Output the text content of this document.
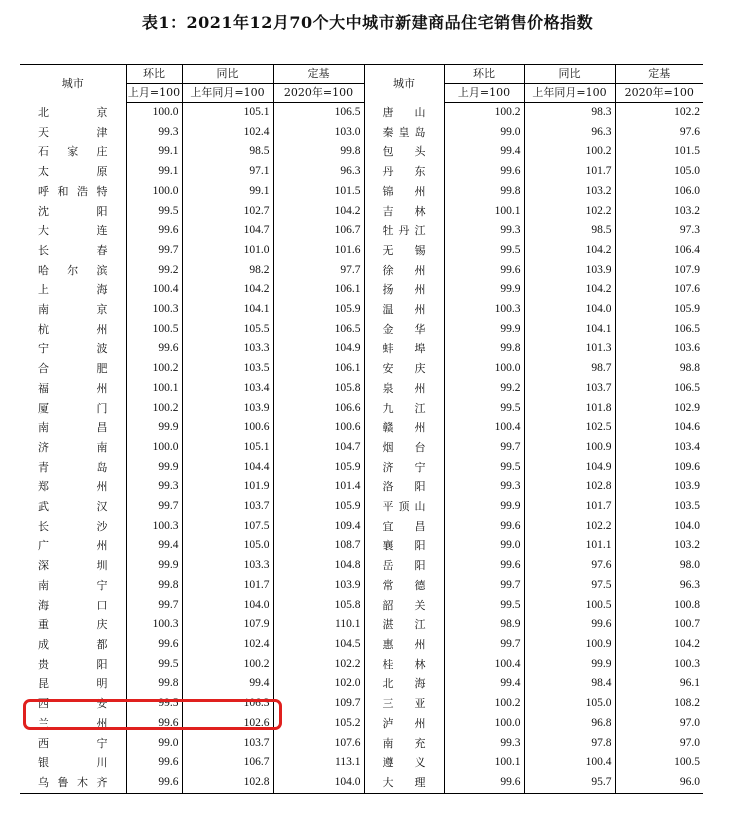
表1：2021年12月70个大中城市新建商品住宅销售价格指数
城市	环比	同比	定基	城市	环比	同比	定基
	上月=100	上年同月=100	2020年=100		上月=100	上年同月=100	2020年=100
北京	100.0	105.1	106.5	唐山	100.2	98.3	102.2
天津	99.3	102.4	103.0	秦皇岛	99.0	96.3	97.6
石家庄	99.1	98.5	99.8	包头	99.4	100.2	101.5
太原	99.1	97.1	96.3	丹东	99.6	101.7	105.0
呼和浩特	100.0	99.1	101.5	锦州	99.8	103.2	106.0
沈阳	99.5	102.7	104.2	吉林	100.1	102.2	103.2
大连	99.6	104.7	106.7	牡丹江	99.3	98.5	97.3
长春	99.7	101.0	101.6	无锡	99.5	104.2	106.4
哈尔滨	99.2	98.2	97.7	徐州	99.6	103.9	107.9
上海	100.4	104.2	106.1	扬州	99.9	104.2	107.6
南京	100.3	104.1	105.9	温州	100.3	104.0	105.9
杭州	100.5	105.5	106.5	金华	99.9	104.1	106.5
宁波	99.6	103.3	104.9	蚌埠	99.8	101.3	103.6
合肥	100.2	103.5	106.1	安庆	100.0	98.7	98.8
福州	100.1	103.4	105.8	泉州	99.2	103.7	106.5
厦门	100.2	103.9	106.6	九江	99.5	101.8	102.9
南昌	99.9	100.6	100.6	赣州	100.4	102.5	104.6
济南	100.0	105.1	104.7	烟台	99.7	100.9	103.4
青岛	99.9	104.4	105.9	济宁	99.5	104.9	109.6
郑州	99.3	101.9	101.4	洛阳	99.3	102.8	103.9
武汉	99.7	103.7	105.9	平顶山	99.9	101.7	103.5
长沙	100.3	107.5	109.4	宜昌	99.6	102.2	104.0
广州	99.4	105.0	108.7	襄阳	99.0	101.1	103.2
深圳	99.9	103.3	104.8	岳阳	99.6	97.6	98.0
南宁	99.8	101.7	103.9	常德	99.7	97.5	96.3
海口	99.7	104.0	105.8	韶关	99.5	100.5	100.8
重庆	100.3	107.9	110.1	湛江	98.9	99.6	100.7
成都	99.6	102.4	104.5	惠州	99.7	100.9	104.2
贵阳	99.5	100.2	102.2	桂林	100.4	99.9	100.3
昆明	99.8	99.4	102.0	北海	99.4	98.4	96.1
西安	99.5	106.3	109.7	三亚	100.2	105.0	108.2
兰州	99.6	102.6	105.2	泸州	100.0	96.8	97.0
西宁	99.0	103.7	107.6	南充	99.3	97.8	97.0
银川	99.6	106.7	113.1	遵义	100.1	100.4	100.5
乌鲁木齐	99.6	102.8	104.0	大理	99.6	95.7	96.0
